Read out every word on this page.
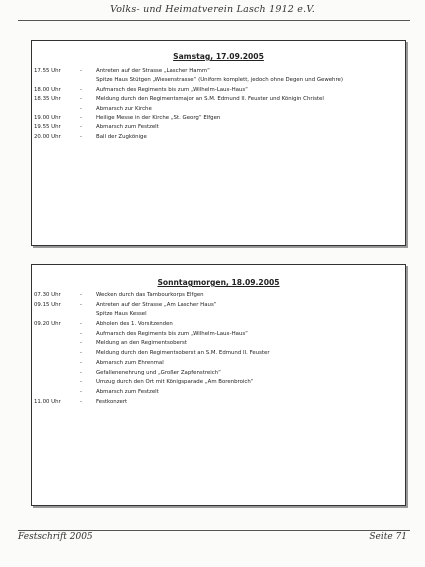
Volks- und Heimatverein Lasch 1912 e.V.
Samstag, 17.09.2005
17.55 Uhr	-	Antreten auf der Strasse „Lascher Hamm“
Spitze Haus Stütgen „Wiesenstrasse“ (Uniform komplett, jedoch ohne Degen und Gewehre)
18.00 Uhr	-	Aufmarsch des Regiments bis zum „Wilhelm-Laux-Haus“
18.35 Uhr	-	Meldung durch den Regimentsmajor an S.M. Edmund II. Feuster und Königin Christel
-	Abmarsch zur Kirche
19.00 Uhr	-	Heilige Messe in der Kirche „St. Georg“ Elfgen
19.55 Uhr	-	Abmarsch zum Festzelt
20.00 Uhr	-	Ball der Zugkönige
Sonntagmorgen, 18.09.2005
07.30 Uhr	-	Wecken durch das Tambourkorps Elfgen
09.15 Uhr	-	Antreten auf der Strasse „Am Lascher Haus“
Spitze Haus Kessel
09.20 Uhr	-	Abholen des 1. Vorsitzenden
-	Aufmarsch des Regiments bis zum „Wilhelm-Laux-Haus“
-	Meldung an den Regimentsoberst
-	Meldung durch den Regimentsoberst an S.M. Edmund II. Feuster
-	Abmarsch zum Ehrenmal
-	Gefallenenehrung und „Großer Zapfenstreich“
-	Umzug durch den Ort mit Königsparade „Am Borenbroich“
-	Abmarsch zum Festzelt
11.00 Uhr	-	Festkonzert
Festschrift 2005	Seite 71
